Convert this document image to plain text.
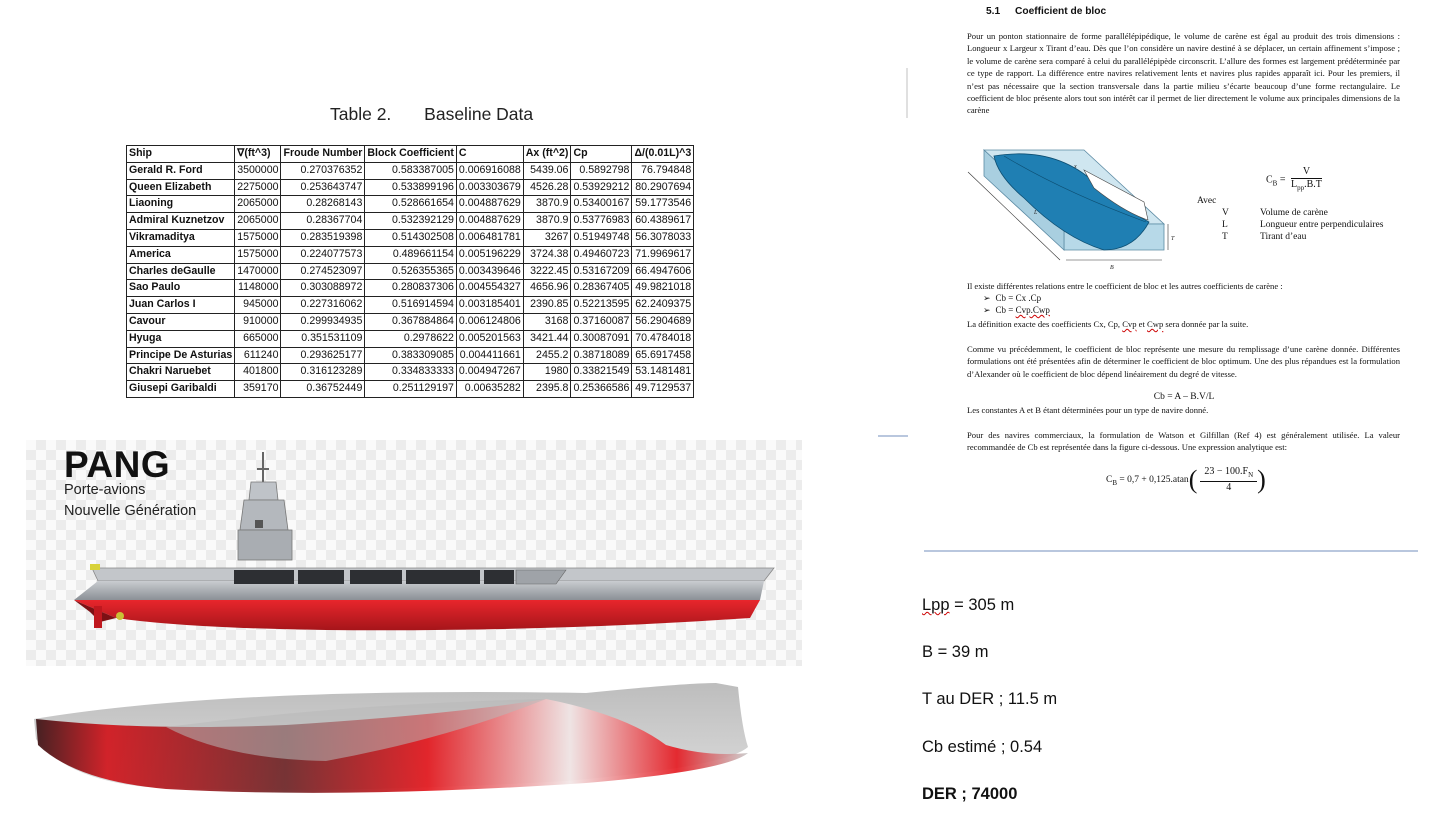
Table 2. Baseline Data
Ship	∇(ft^3)	Froude Number	Block Coefficient	C	Ax (ft^2)	Cp	Δ/(0.01L)^3
Gerald R. Ford	3500000	0.270376352	0.583387005	0.006916088	5439.06	0.5892798	76.794848
Queen Elizabeth	2275000	0.253643747	0.533899196	0.003303679	4526.28	0.53929212	80.2907694
Liaoning	2065000	0.28268143	0.528661654	0.004887629	3870.9	0.53400167	59.1773546
Admiral Kuznetzov	2065000	0.28367704	0.532392129	0.004887629	3870.9	0.53776983	60.4389617
Vikramaditya	1575000	0.283519398	0.514302508	0.006481781	3267	0.51949748	56.3078033
America	1575000	0.224077573	0.489661154	0.005196229	3724.38	0.49460723	71.9969617
Charles deGaulle	1470000	0.274523097	0.526355365	0.003439646	3222.45	0.53167209	66.4947606
Sao Paulo	1148000	0.303088972	0.280837306	0.004554327	4656.96	0.28367405	49.9821018
Juan Carlos I	945000	0.227316062	0.516914594	0.003185401	2390.85	0.52213595	62.2409375
Cavour	910000	0.299934935	0.367884864	0.006124806	3168	0.37160087	56.2904689
Hyuga	665000	0.351531109	0.2978622	0.005201563	3421.44	0.30087091	70.4784018
Principe De Asturias	611240	0.293625177	0.383309085	0.004411661	2455.2	0.38718089	65.6917458
Chakri Naruebet	401800	0.316123289	0.334833333	0.004947267	1980	0.33821549	53.1481481
Giusepi Garibaldi	359170	0.36752449	0.251129197	0.00635282	2395.8	0.25366586	49.7129537
PANG
Porte-avions
Nouvelle Génération
5.1 Coefficient de bloc

Pour un ponton stationnaire de forme parallélépipédique, le volume de carène est égal au produit des trois dimensions : Longueur x Largeur x Tirant d’eau. Dès que l’on considère un navire destiné à se déplacer, un certain affinement s’impose ; le volume de carène sera comparé à celui du parallélépipède circonscrit. L’allure des formes est largement prédéterminée par ce type de rapport. La différence entre navires relativement lents et navires plus rapides apparaît ici. Pour les premiers, il n’est pas nécessaire que la section transversale dans la partie milieu s’écarte beaucoup d’une forme rectangulaire. Le coefficient de bloc présente alors tout son intérêt car il permet de lier directement le volume aux principales dimensions de la carène

L
x
B
T
$C_B = \frac{V}{L_{pp}.B.T}$
Avec
V	Volume de carène
L	Longueur entre perpendiculaires
T	Tirant d’eau

Il existe différentes relations entre le coefficient de bloc et les autres coefficients de carène :

➢ Cb = Cx .Cp
➢ Cb = Cvp.Cwp

La définition exacte des coefficients Cx, Cp, Cvp et Cwp sera donnée par la suite.

Comme vu précédemment, le coefficient de bloc représente une mesure du remplissage d’une carène donnée. Différentes formulations ont été présentées afin de déterminer le coefficient de bloc optimum. Une des plus répandues est la formulation d’Alexander où le coefficient de bloc dépend linéairement du degré de vitesse.

Cb = A – B.V/L

Les constantes A et B étant déterminées pour un type de navire donné.

Pour des navires commerciaux, la formulation de Watson et Gilfillan (Ref 4) est généralement utilisée. La valeur recommandée de Cb est représentée dans la figure ci-dessous. Une expression analytique est:

$C_B = 0,7 + 0,125.atan( \frac{23 - 100.F_N}{4}$ )
Lpp = 305 m
B = 39 m
T au DER ; 11.5 m
Cb estimé ; 0.54
DER ; 74000
